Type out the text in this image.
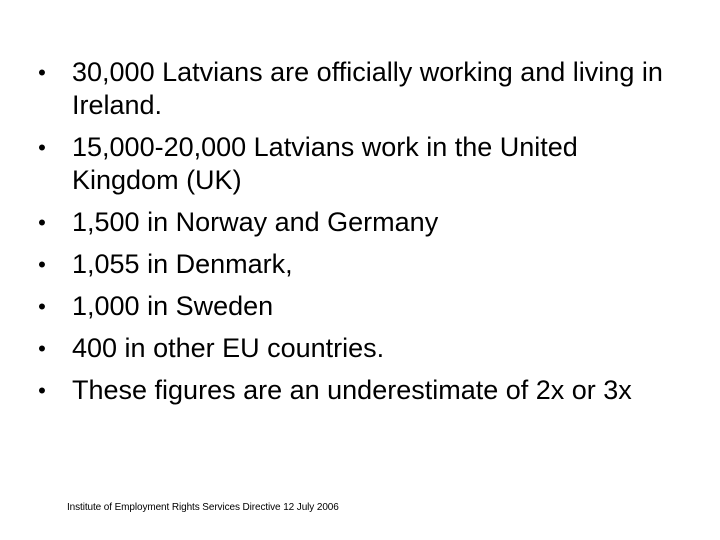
• 30,000 Latvians are officially working and living in Ireland.
• 15,000-20,000 Latvians work in the United Kingdom (UK)
• 1,500 in Norway and Germany
• 1,055 in Denmark,
• 1,000 in Sweden
• 400 in other EU countries.
• These figures are an underestimate of 2x or 3x
Institute of Employment Rights Services Directive 12 July 2006
